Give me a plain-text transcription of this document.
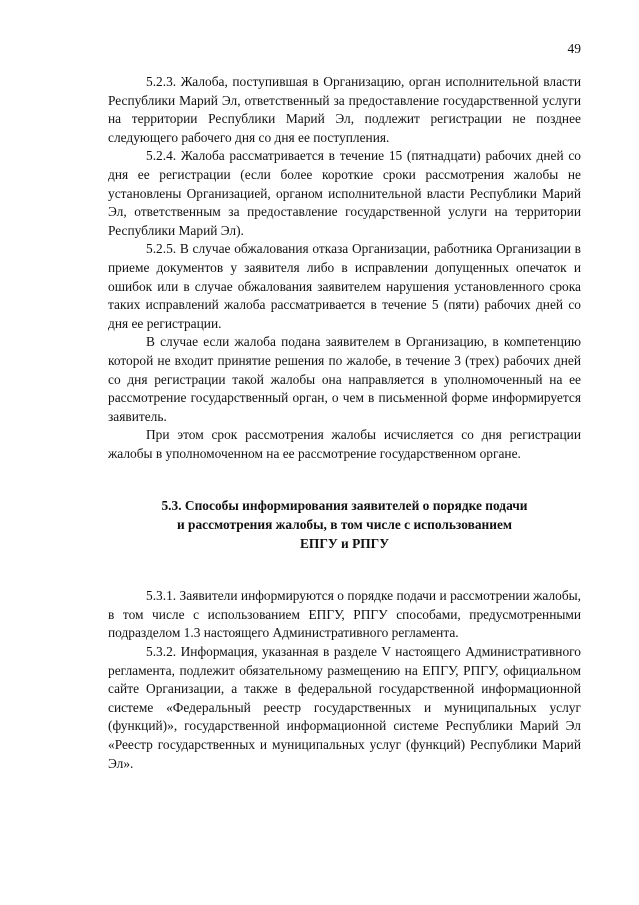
49

5.2.3. Жалоба, поступившая в Организацию, орган исполнительной власти Республики Марий Эл, ответственный за предоставление государственной услуги на территории Республики Марий Эл, подлежит регистрации не позднее следующего рабочего дня со дня ее поступления.

5.2.4. Жалоба рассматривается в течение 15 (пятнадцати) рабочих дней со дня ее регистрации (если более короткие сроки рассмотрения жалобы не установлены Организацией, органом исполнительной власти Республики Марий Эл, ответственным за предоставление государственной услуги на территории Республики Марий Эл).

5.2.5. В случае обжалования отказа Организации, работника Организации в приеме документов у заявителя либо в исправлении допущенных опечаток и ошибок или в случае обжалования заявителем нарушения установленного срока таких исправлений жалоба рассматривается в течение 5 (пяти) рабочих дней со дня ее регистрации.

В случае если жалоба подана заявителем в Организацию, в компетенцию которой не входит принятие решения по жалобе, в течение 3 (трех) рабочих дней со дня регистрации такой жалобы она направляется в уполномоченный на ее рассмотрение государственный орган, о чем в письменной форме информируется заявитель.

При этом срок рассмотрения жалобы исчисляется со дня регистрации жалобы в уполномоченном на ее рассмотрение государственном органе.

5.3. Способы информирования заявителей о порядке подачи
и рассмотрения жалобы, в том числе с использованием
ЕПГУ и РПГУ

5.3.1. Заявители информируются о порядке подачи и рассмотрении жалобы, в том числе с использованием ЕПГУ, РПГУ способами, предусмотренными подразделом 1.3 настоящего Административного регламента.

5.3.2. Информация, указанная в разделе V настоящего Административного регламента, подлежит обязательному размещению на ЕПГУ, РПГУ, официальном сайте Организации, а также в федеральной государственной информационной системе «Федеральный реестр государственных и муниципальных услуг (функций)», государственной информационной системе Республики Марий Эл «Реестр государственных и муниципальных услуг (функций) Республики Марий Эл».
